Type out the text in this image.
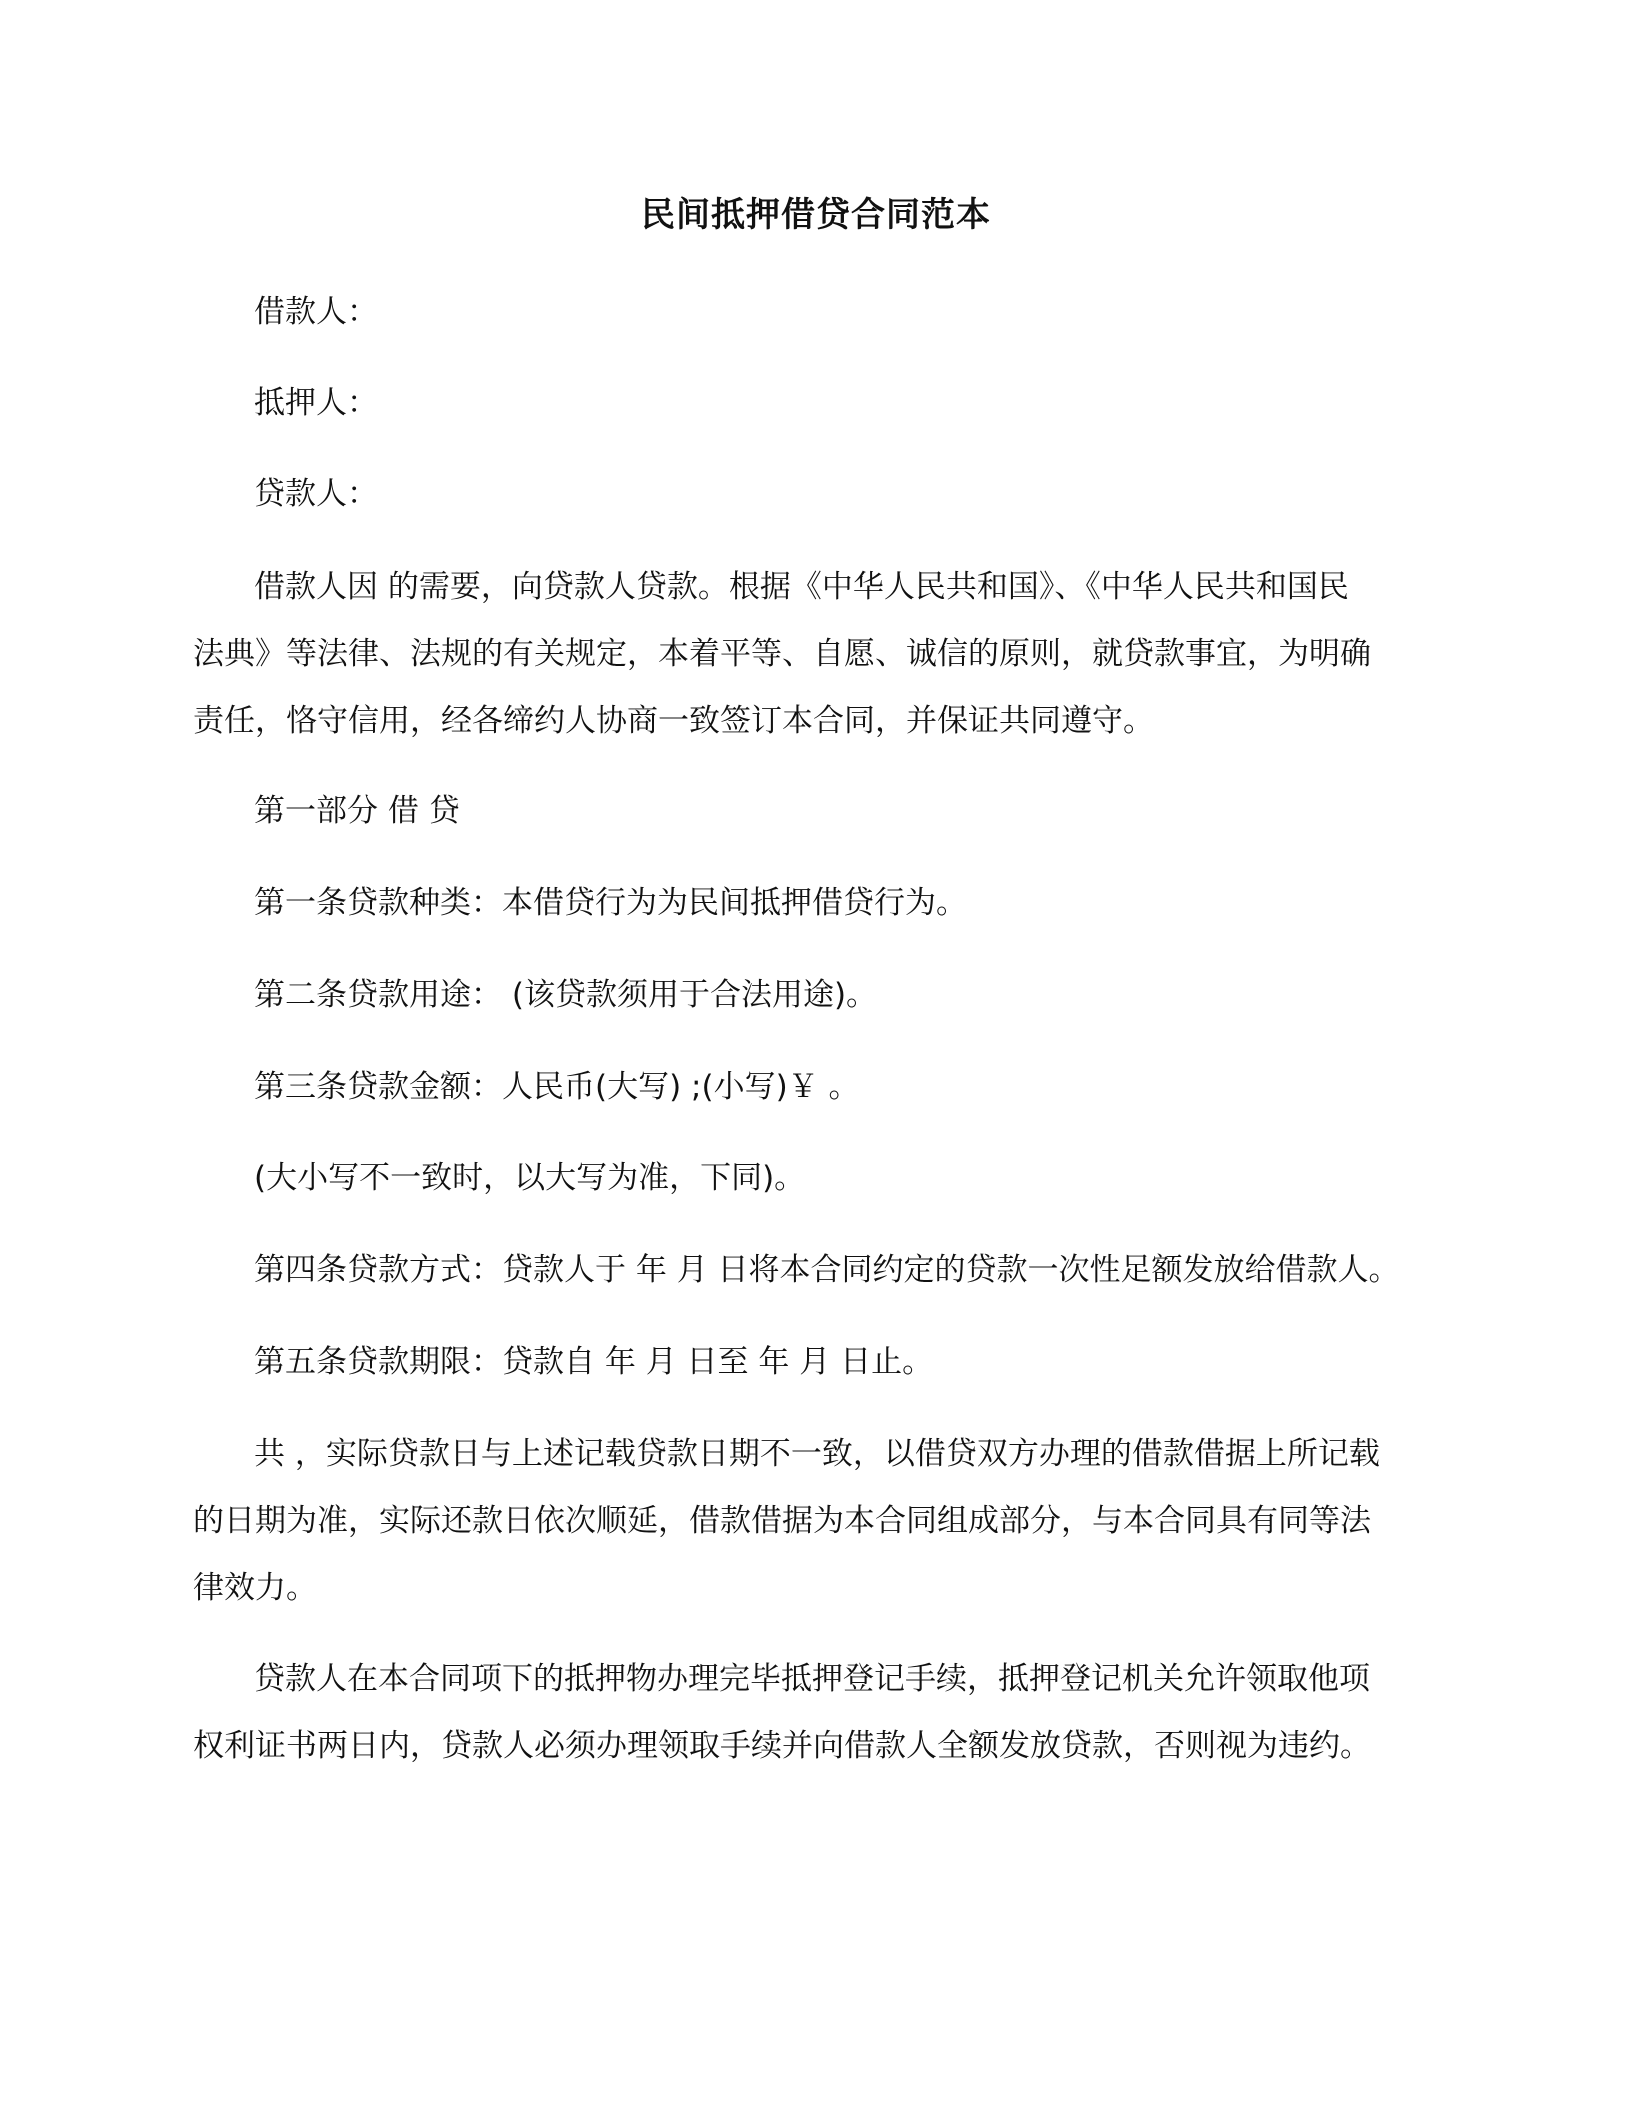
民间抵押借贷合同范本
借款人：
抵押人：
贷款人：
借款人因 的需要，向贷款人贷款。根据《中华人民共和国》、《中华人民共和国民
法典》等法律、法规的有关规定，本着平等、自愿、诚信的原则，就贷款事宜，为明确
责任，恪守信用，经各缔约人协商一致签订本合同，并保证共同遵守。
第一部分 借 贷
第一条贷款种类：本借贷行为为民间抵押借贷行为。
第二条贷款用途： (该贷款须用于合法用途)。
第三条贷款金额：人民币(大写) ;(小写)￥ 。
(大小写不一致时，以大写为准，下同)。
第四条贷款方式：贷款人于 年 月 日将本合同约定的贷款一次性足额发放给借款人。
第五条贷款期限：贷款自 年 月 日至 年 月 日止。
共 ，实际贷款日与上述记载贷款日期不一致，以借贷双方办理的借款借据上所记载
的日期为准，实际还款日依次顺延，借款借据为本合同组成部分，与本合同具有同等法
律效力。
贷款人在本合同项下的抵押物办理完毕抵押登记手续，抵押登记机关允许领取他项
权利证书两日内，贷款人必须办理领取手续并向借款人全额发放贷款，否则视为违约。
